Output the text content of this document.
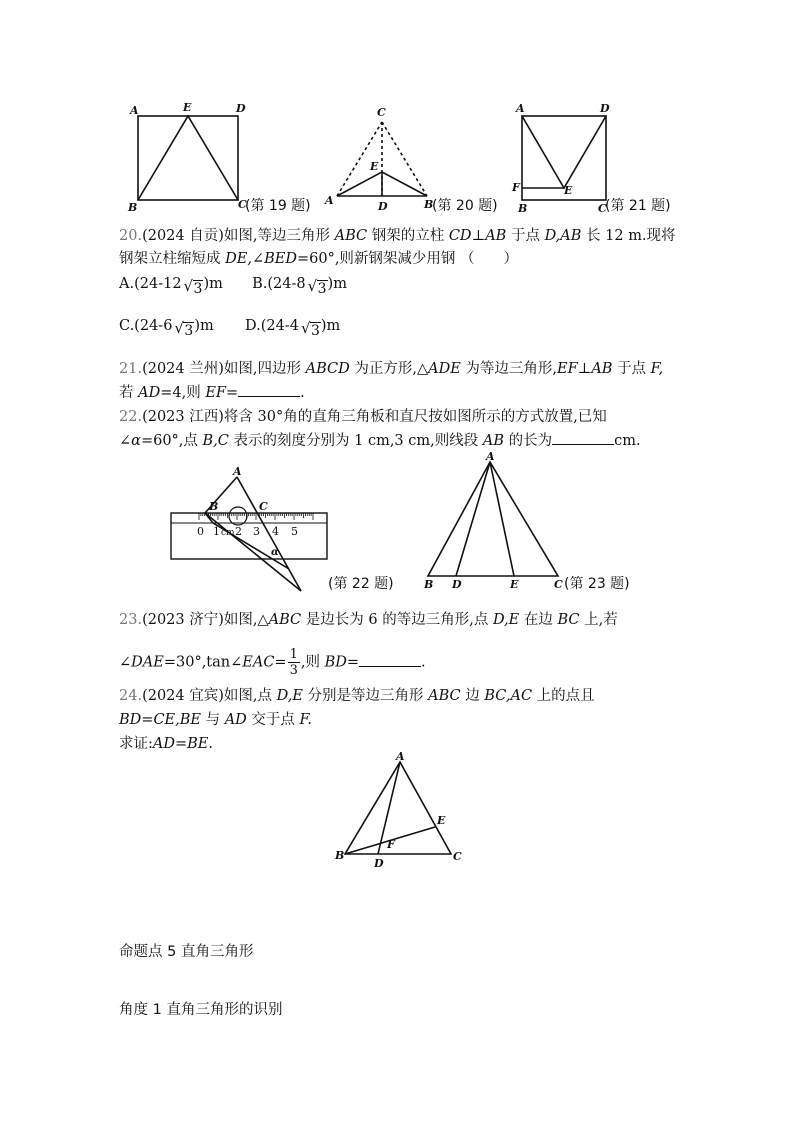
A	E	D
B	C
(第 19 题)
C
E
A	D	B
(第 20 题)
A	D
F	E
B	C
(第 21 题)
20.(2024 自贡)如图,等边三角形 ABC 钢架的立柱 CD⊥AB 于点 D,AB 长 12 m.现将
钢架立柱缩短成 DE,∠BED=60°,则新钢架减少用钢 （　　）
A.(24-12 √ 3)m B.(24-8 √ 3)m
C.(24-6 √ 3)m D.(24-4 √ 3)m
21.(2024 兰州)如图,四边形 ABCD 为正方形,△ADE 为等边三角形,EF⊥AB 于点 F,
若 AD=4,则 EF=	.
22.(2023 江西)将含 30°角的直角三角板和直尺按如图所示的方式放置,已知
∠α=60°,点 B,C 表示的刻度分别为 1 cm,3 cm,则线段 AB 的长为	cm.
A
B	C
0 1 cm 2 3 4 5
α
(第 22 题)
A
B D	E	C (第 23 题)
23.(2023 济宁)如图,△ABC 是边长为 6 的等边三角形,点 D,E 在边 BC 上,若
∠DAE=30°,tan∠EAC= $\frac{1}{3}$ ,则 BD=	.
24.(2024 宜宾)如图,点 D,E 分别是等边三角形 ABC 边 BC,AC 上的点且
BD=CE,BE 与 AD 交于点 F.
求证:AD=BE.
A
E
F
B
D
C
命题点 5 直角三角形
角度 1 直角三角形的识别
